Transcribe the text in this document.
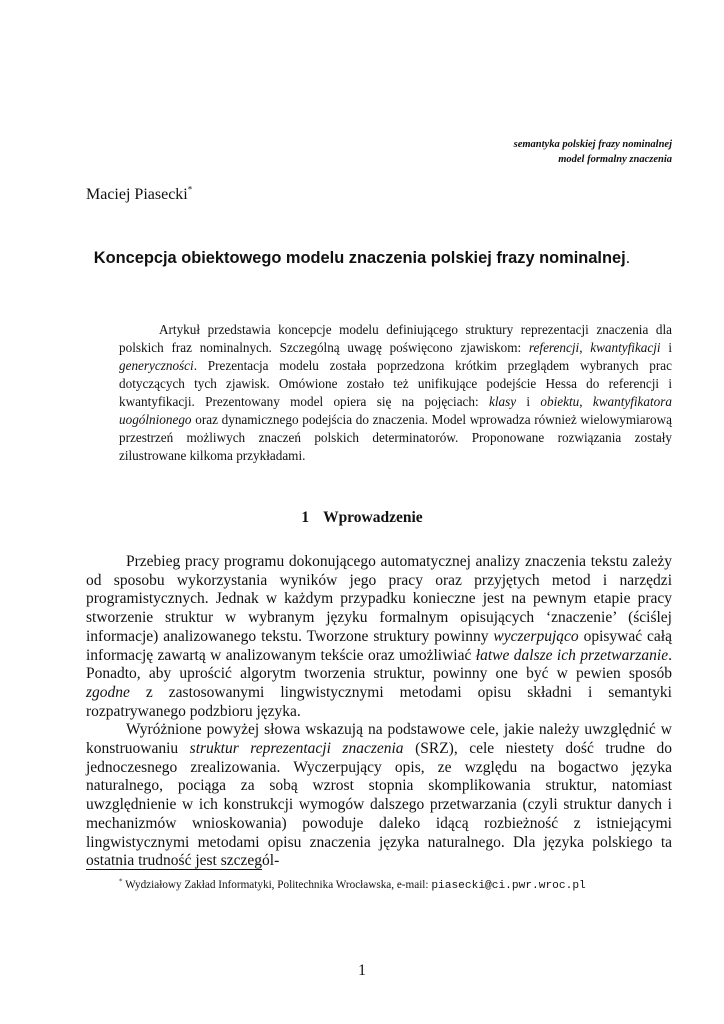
semantyka polskiej frazy nominalnej
model formalny znaczenia
Maciej Piasecki*
Koncepcja obiektowego modelu znaczenia polskiej frazy nominalnej.

Artykuł przedstawia koncepcje modelu definiującego struktury reprezentacji znaczenia dla polskich fraz nominalnych. Szczególną uwagę poświęcono zjawiskom: referencji, kwantyfikacji i generyczności. Prezentacja modelu została poprzedzona krótkim przeglądem wybranych prac dotyczących tych zjawisk. Omówione zostało też unifikujące podejście Hessa do referencji i kwantyfikacji. Prezentowany model opiera się na pojęciach: klasy i obiektu, kwantyfikatora uogólnionego oraz dynamicznego podejścia do znaczenia. Model wprowadza również wielowymiarową przestrzeń możliwych znaczeń polskich determinatorów. Proponowane rozwiązania zostały zilustrowane kilkoma przykładami.

1 Wprowadzenie

Przebieg pracy programu dokonującego automatycznej analizy znaczenia tekstu zależy od sposobu wykorzystania wyników jego pracy oraz przyjętych metod i narzędzi programistycznych. Jednak w każdym przypadku konieczne jest na pewnym etapie pracy stworzenie struktur w wybranym języku formalnym opisujących ‘znaczenie’ (ściślej informacje) analizowanego tekstu. Tworzone struktury powinny wyczerpująco opisywać całą informację zawartą w analizowanym tekście oraz umożliwiać łatwe dalsze ich przetwarzanie. Ponadto, aby uprościć algorytm tworzenia struktur, powinny one być w pewien sposób zgodne z zastosowanymi lingwistycznymi metodami opisu składni i semantyki rozpatrywanego podzbioru języka.

Wyróżnione powyżej słowa wskazują na podstawowe cele, jakie należy uwzględnić w konstruowaniu struktur reprezentacji znaczenia (SRZ), cele niestety dość trudne do jednoczesnego zrealizowania. Wyczerpujący opis, ze względu na bogactwo języka naturalnego, pociąga za sobą wzrost stopnia skomplikowania struktur, natomiast uwzględnienie w ich konstrukcji wymogów dalszego przetwarzania (czyli struktur danych i mechanizmów wnioskowania) powoduje daleko idącą rozbieżność z istniejącymi lingwistycznymi metodami opisu znaczenia języka naturalnego. Dla języka polskiego ta ostatnia trudność jest szczegól-

* Wydziałowy Zakład Informatyki, Politechnika Wrocławska, e-mail: piasecki@ci.pwr.wroc.pl
1
